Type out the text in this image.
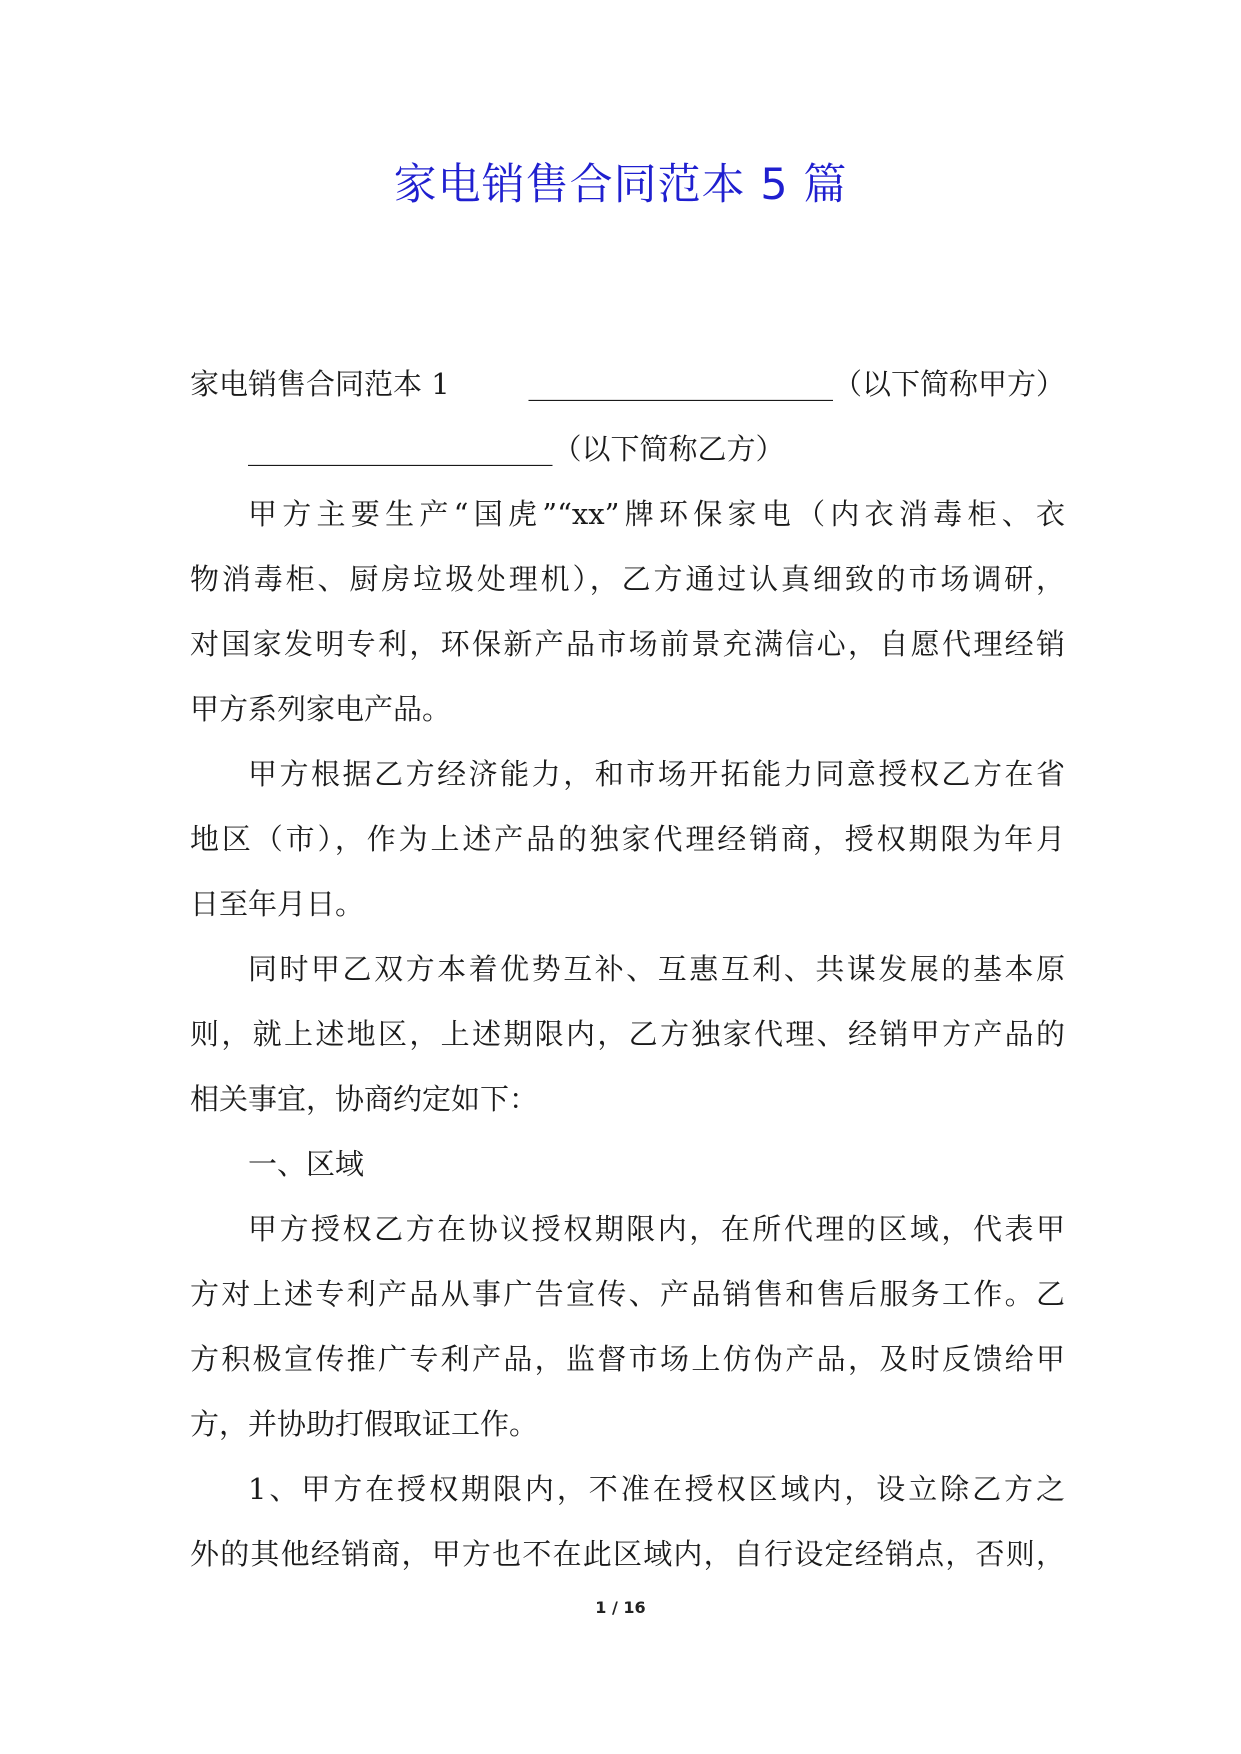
家电销售合同范本 5 篇
家电销售合同范本 1	_____________________（以下简称甲方）
_____________________（以下简称乙方）
甲方主要生产“国虎”“xx”牌环保家电（内衣消毒柜、衣
物消毒柜、厨房垃圾处理机），乙方通过认真细致的市场调研，
对国家发明专利，环保新产品市场前景充满信心，自愿代理经销
甲方系列家电产品。
甲方根据乙方经济能力，和市场开拓能力同意授权乙方在省
地区（市），作为上述产品的独家代理经销商，授权期限为年月
日至年月日。
同时甲乙双方本着优势互补、互惠互利、共谋发展的基本原
则，就上述地区，上述期限内，乙方独家代理、经销甲方产品的
相关事宜，协商约定如下：
一、区域
甲方授权乙方在协议授权期限内，在所代理的区域，代表甲
方对上述专利产品从事广告宣传、产品销售和售后服务工作。乙
方积极宣传推广专利产品，监督市场上仿伪产品，及时反馈给甲
方，并协助打假取证工作。
1、甲方在授权期限内，不准在授权区域内，设立除乙方之
外的其他经销商，甲方也不在此区域内，自行设定经销点，否则，
1 / 16
